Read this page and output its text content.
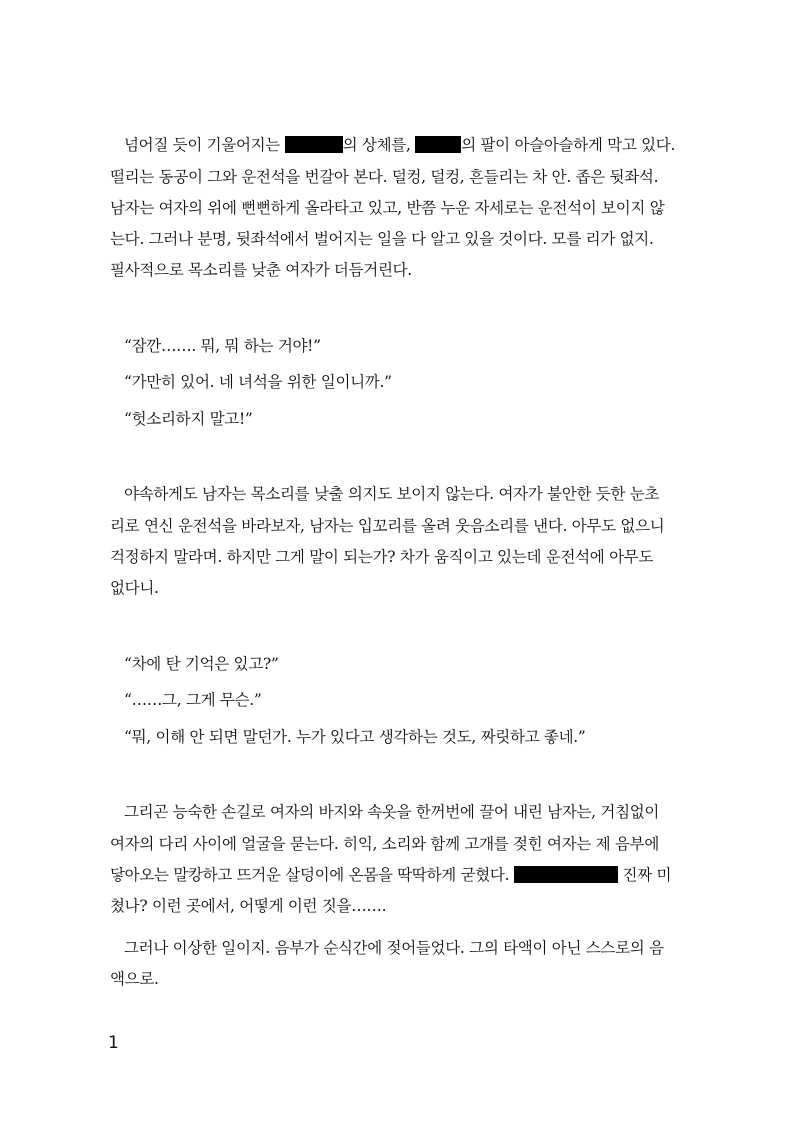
넘어질 듯이 기울어지는	의 상체를,	의 팔이 아슬아슬하게 막고 있다.
떨리는 동공이 그와 운전석을 번갈아 본다. 덜컹, 덜컹, 흔들리는 차 안. 좁은 뒷좌석.
남자는 여자의 위에 뻔뻔하게 올라타고 있고, 반쯤 누운 자세로는 운전석이 보이지 않
는다. 그러나 분명, 뒷좌석에서 벌어지는 일을 다 알고 있을 것이다. 모를 리가 없지.
필사적으로 목소리를 낮춘 여자가 더듬거린다.
“잠깐……. 뭐, 뭐 하는 거야!”
“가만히 있어. 네 녀석을 위한 일이니까.”
“헛소리하지 말고!”
야속하게도 남자는 목소리를 낮출 의지도 보이지 않는다. 여자가 불안한 듯한 눈초
리로 연신 운전석을 바라보자, 남자는 입꼬리를 올려 웃음소리를 낸다. 아무도 없으니
걱정하지 말라며. 하지만 그게 말이 되는가? 차가 움직이고 있는데 운전석에 아무도
없다니.
“차에 탄 기억은 있고?”
“……그, 그게 무슨.”
“뭐, 이해 안 되면 말던가. 누가 있다고 생각하는 것도, 짜릿하고 좋네.”
그리곤 능숙한 손길로 여자의 바지와 속옷을 한꺼번에 끌어 내린 남자는, 거침없이
여자의 다리 사이에 얼굴을 묻는다. 히익, 소리와 함께 고개를 젖힌 여자는 제 음부에
닿아오는 말캉하고 뜨거운 살덩이에 온몸을 딱딱하게 굳혔다.	진짜 미
쳤나? 이런 곳에서, 어떻게 이런 짓을…….
그러나 이상한 일이지. 음부가 순식간에 젖어들었다. 그의 타액이 아닌 스스로의 음
액으로.
1
